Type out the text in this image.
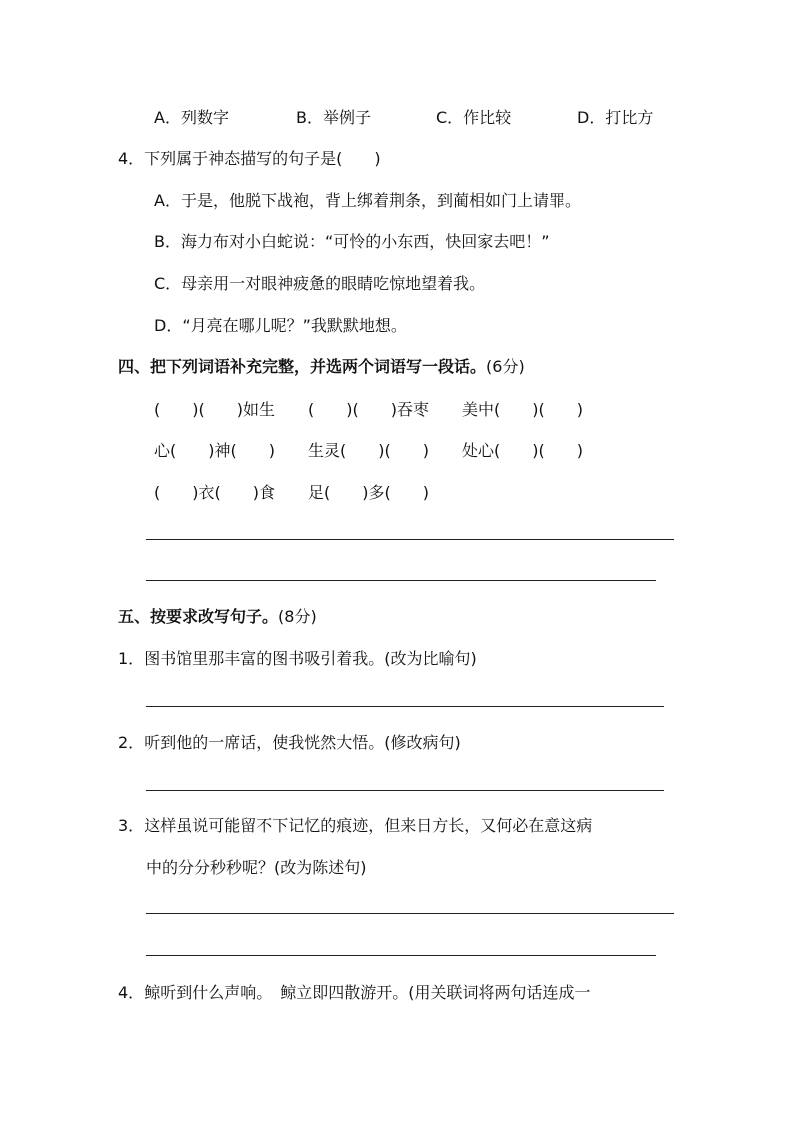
A．列数字	B．举例子	C．作比较	D．打比方
4．下列属于神态描写的句子是(　　)
A．于是，他脱下战袍，背上绑着荆条，到蔺相如门上请罪。
B．海力布对小白蛇说：“可怜的小东西，快回家去吧！”
C．母亲用一对眼神疲惫的眼睛吃惊地望着我。
D．“月亮在哪儿呢？”我默默地想。
四、把下列词语补充完整，并选两个词语写一段话。(6分)
(　　)(　　)如生 (　　)(　　)吞枣 美中(　　)(　　)
心(　　)神(　　) 生灵(　　)(　　) 处心(　　)(　　)
(　　)衣(　　)食 足(　　)多(　　)
五、按要求改写句子。(8分)
1．图书馆里那丰富的图书吸引着我。(改为比喻句)
2．听到他的一席话，使我恍然大悟。(修改病句)
3．这样虽说可能留不下记忆的痕迹，但来日方长，又何必在意这病
中的分分秒秒呢？(改为陈述句)
4．鲸听到什么声响。　鲸立即四散游开。(用关联词将两句话连成一
